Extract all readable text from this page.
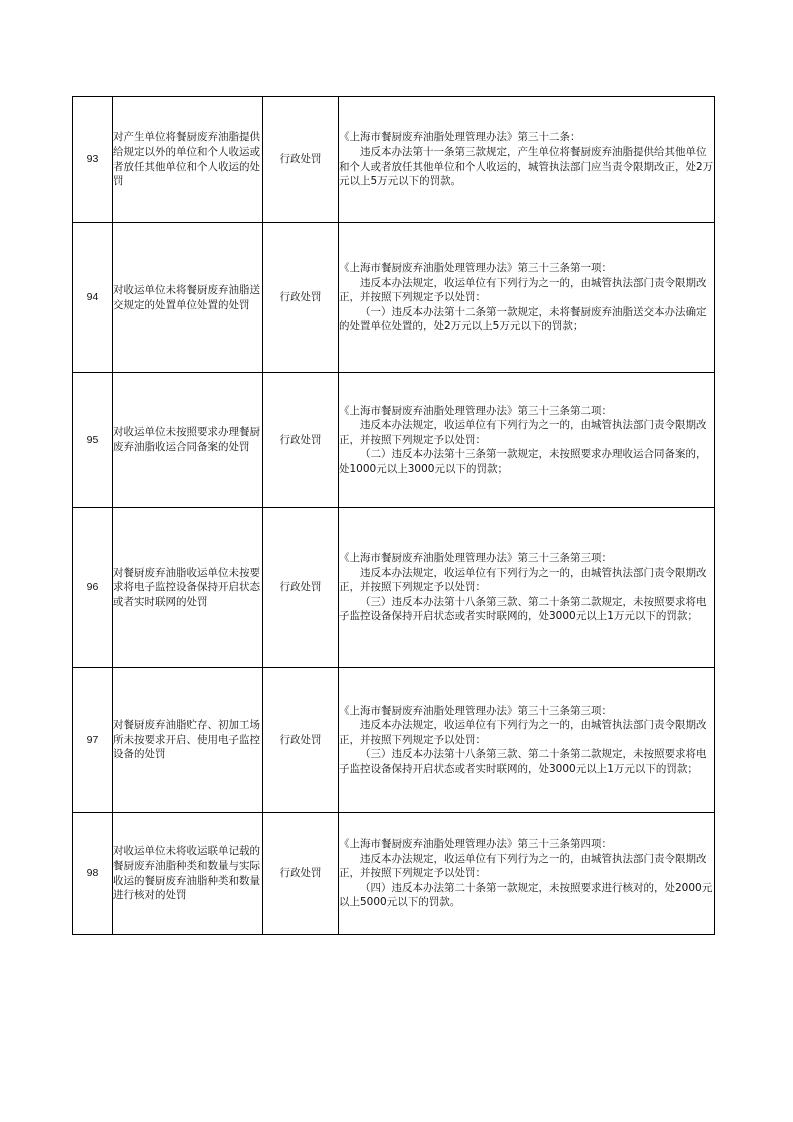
93	对产生单位将餐厨废弃油脂提供给规定以外的单位和个人收运或者放任其他单位和个人收运的处罚	行政处罚	《上海市餐厨废弃油脂处理管理办法》第三十二条：

违反本办法第十一条第三款规定，产生单位将餐厨废弃油脂提供给其他单位和个人或者放任其他单位和个人收运的，城管执法部门应当责令限期改正，处2万元以上5万元以下的罚款。

94	对收运单位未将餐厨废弃油脂送交规定的处置单位处置的处罚	行政处罚	《上海市餐厨废弃油脂处理管理办法》第三十三条第一项：

违反本办法规定，收运单位有下列行为之一的，由城管执法部门责令限期改正，并按照下列规定予以处罚：

（一）违反本办法第十二条第一款规定，未将餐厨废弃油脂送交本办法确定的处置单位处置的，处2万元以上5万元以下的罚款；

95	对收运单位未按照要求办理餐厨废弃油脂收运合同备案的处罚	行政处罚	《上海市餐厨废弃油脂处理管理办法》第三十三条第二项：

违反本办法规定，收运单位有下列行为之一的，由城管执法部门责令限期改正，并按照下列规定予以处罚：

（二）违反本办法第十三条第一款规定，未按照要求办理收运合同备案的，处1000元以上3000元以下的罚款；

96	对餐厨废弃油脂收运单位未按要求将电子监控设备保持开启状态或者实时联网的处罚	行政处罚	《上海市餐厨废弃油脂处理管理办法》第三十三条第三项：

违反本办法规定，收运单位有下列行为之一的，由城管执法部门责令限期改正，并按照下列规定予以处罚：

（三）违反本办法第十八条第三款、第二十条第二款规定，未按照要求将电子监控设备保持开启状态或者实时联网的，处3000元以上1万元以下的罚款；

97	对餐厨废弃油脂贮存、初加工场所未按要求开启、使用电子监控设备的处罚	行政处罚	《上海市餐厨废弃油脂处理管理办法》第三十三条第三项：

违反本办法规定，收运单位有下列行为之一的，由城管执法部门责令限期改正，并按照下列规定予以处罚：

（三）违反本办法第十八条第三款、第二十条第二款规定，未按照要求将电子监控设备保持开启状态或者实时联网的，处3000元以上1万元以下的罚款；

98	对收运单位未将收运联单记载的餐厨废弃油脂种类和数量与实际收运的餐厨废弃油脂种类和数量进行核对的处罚	行政处罚	《上海市餐厨废弃油脂处理管理办法》第三十三条第四项：

违反本办法规定，收运单位有下列行为之一的，由城管执法部门责令限期改正，并按照下列规定予以处罚：

（四）违反本办法第二十条第一款规定，未按照要求进行核对的，处2000元以上5000元以下的罚款。
